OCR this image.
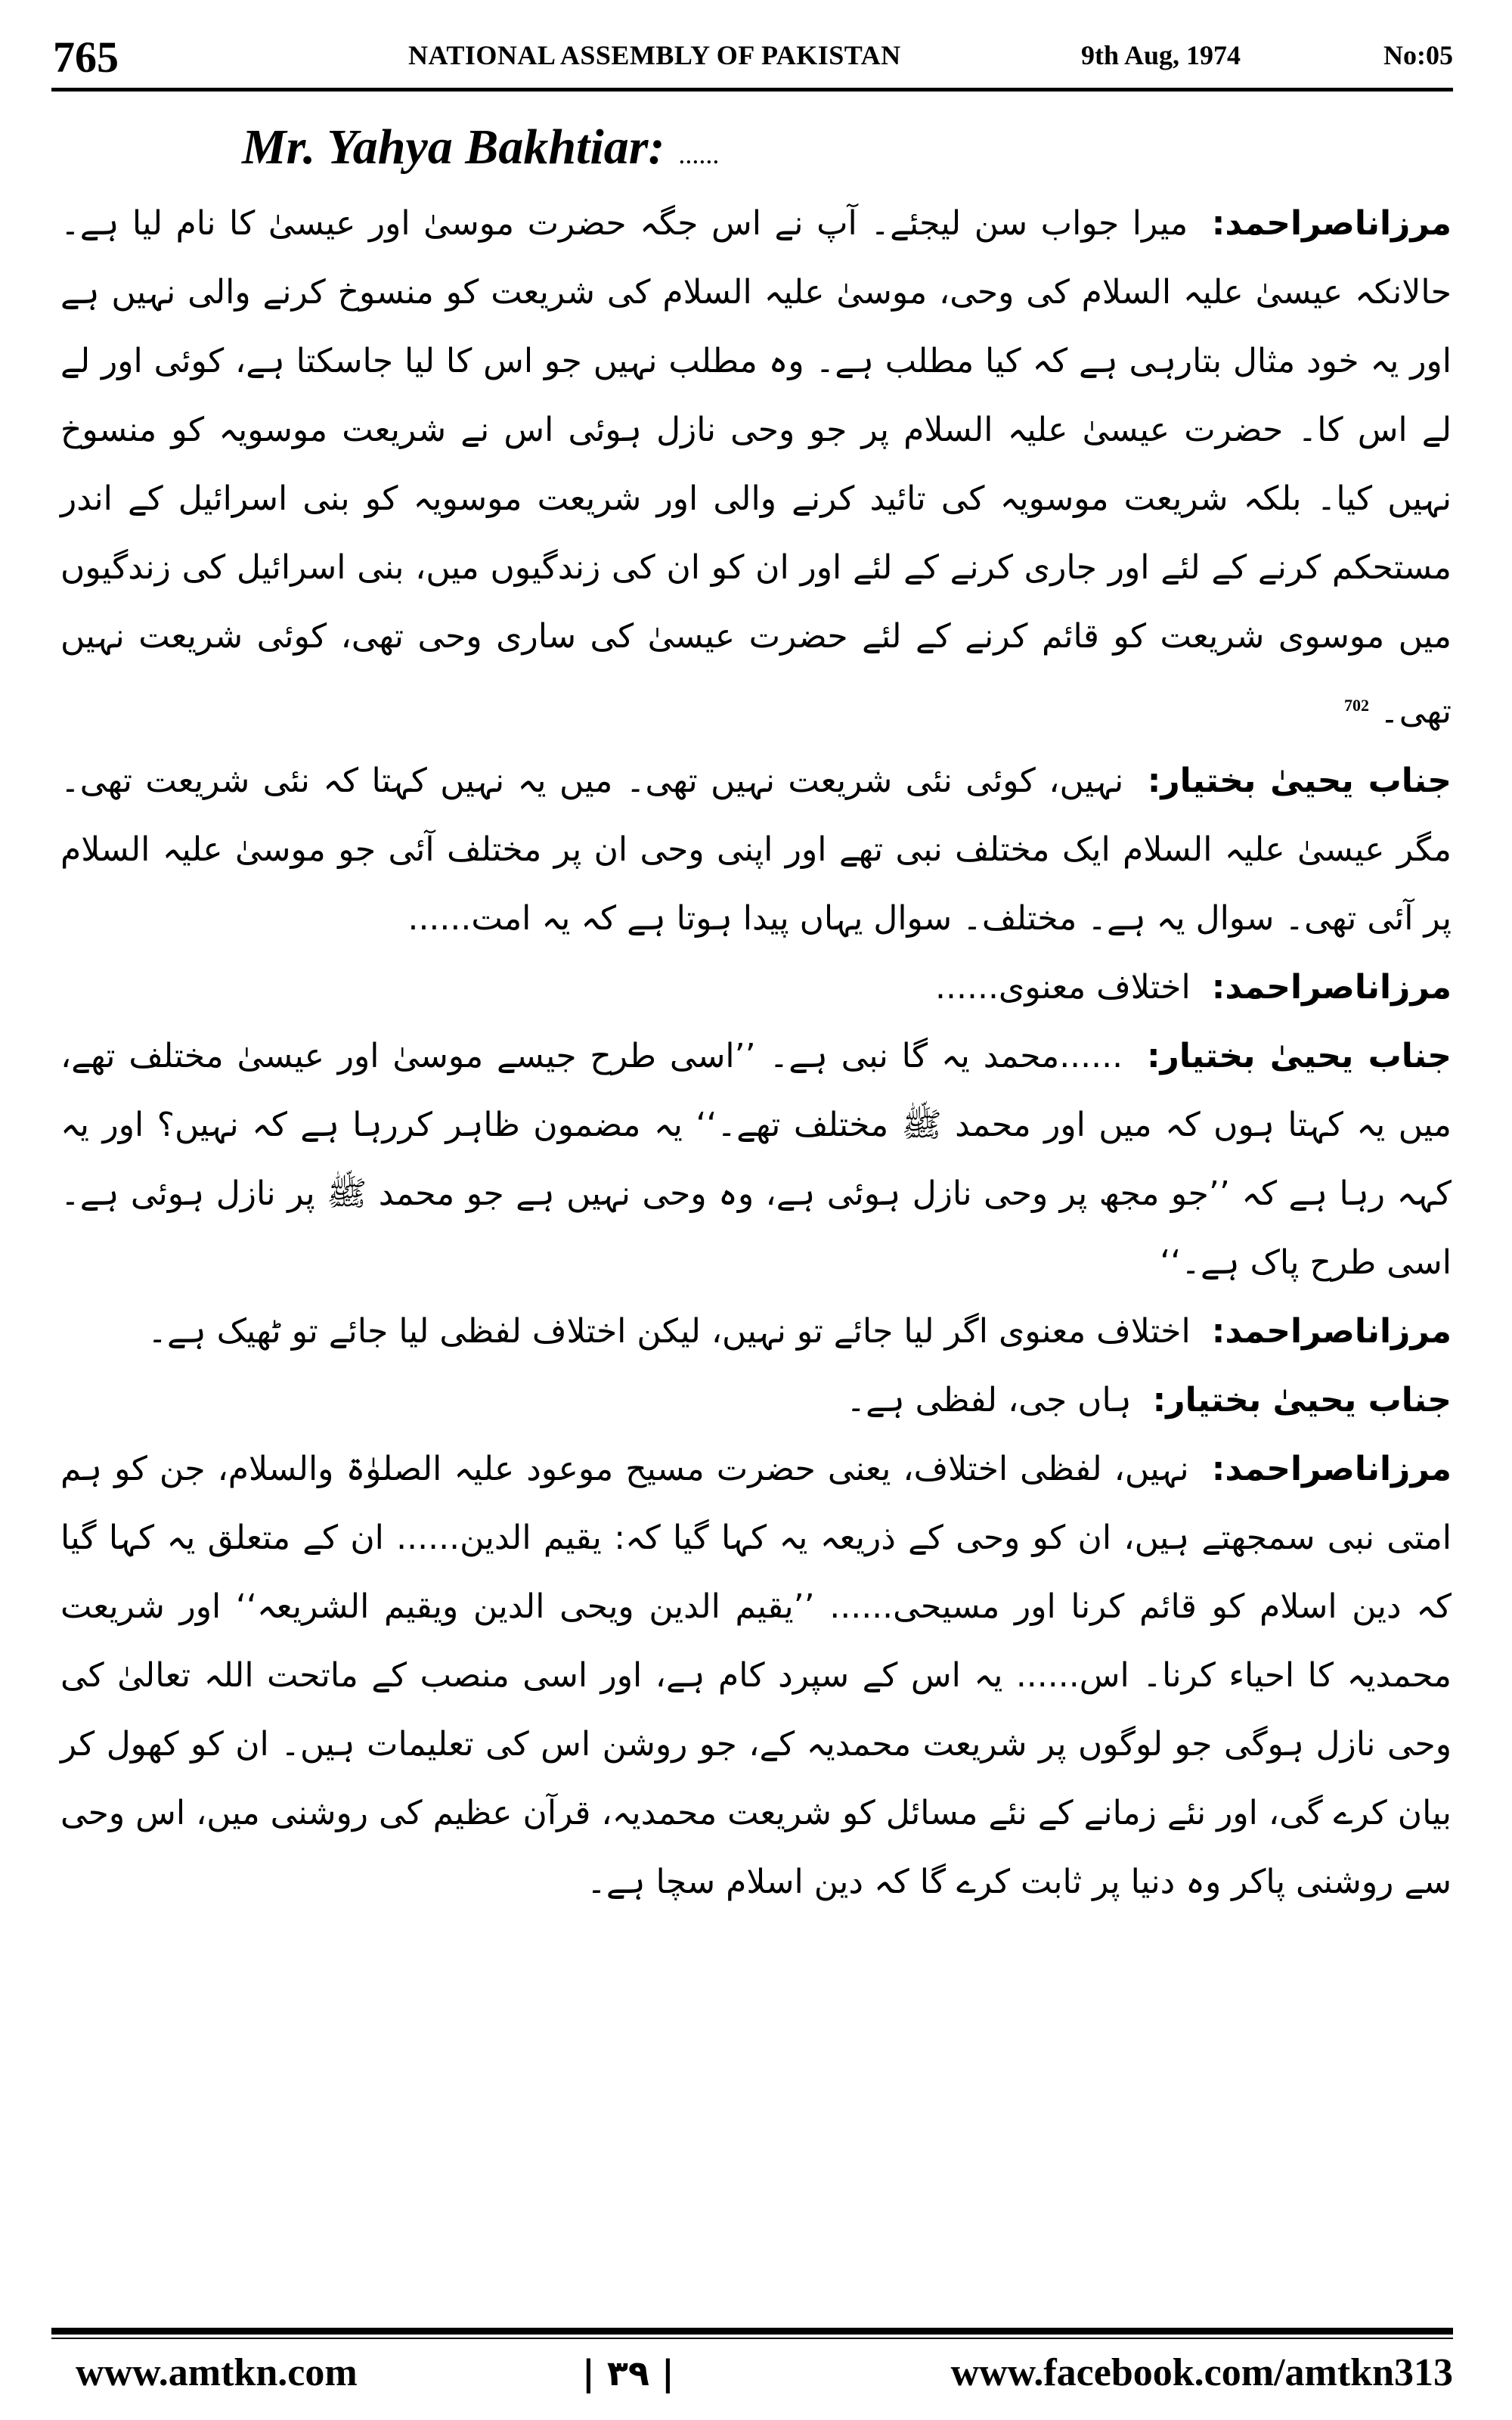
765	NATIONAL ASSEMBLY OF PAKISTAN	9th Aug, 1974	No:05
Mr. Yahya Bakhtiar: ......

مرزاناصراحمد: میرا جواب سن لیجئے۔ آپ نے اس جگہ حضرت موسیٰ اور عیسیٰ کا نام لیا ہے۔ حالانکہ عیسیٰ علیہ السلام کی وحی، موسیٰ علیہ السلام کی شریعت کو منسوخ کرنے والی نہیں ہے اور یہ خود مثال بتارہی ہے کہ کیا مطلب ہے۔ وہ مطلب نہیں جو اس کا لیا جاسکتا ہے، کوئی اور لے لے اس کا۔ حضرت عیسیٰ علیہ السلام پر جو وحی نازل ہوئی اس نے شریعت موسویہ کو منسوخ نہیں کیا۔ بلکہ شریعت موسویہ کی تائید کرنے والی اور شریعت موسویہ کو بنی اسرائیل کے اندر مستحکم کرنے کے لئے اور جاری کرنے کے لئے اور ان کو ان کی زندگیوں میں، بنی اسرائیل کی زندگیوں میں موسوی شریعت کو قائم کرنے کے لئے حضرت عیسیٰ کی ساری وحی تھی، کوئی شریعت نہیں تھی۔ $^{702}$

جناب یحییٰ بختیار: نہیں، کوئی نئی شریعت نہیں تھی۔ میں یہ نہیں کہتا کہ نئی شریعت تھی۔ مگر عیسیٰ علیہ السلام ایک مختلف نبی تھے اور اپنی وحی ان پر مختلف آئی جو موسیٰ علیہ السلام پر آئی تھی۔ سوال یہ ہے۔ مختلف۔ سوال یہاں پیدا ہوتا ہے کہ یہ امت......

مرزاناصراحمد: اختلاف معنوی......

جناب یحییٰ بختیار: ......محمد یہ گا نبی ہے۔ ’’اسی طرح جیسے موسیٰ اور عیسیٰ مختلف تھے، میں یہ کہتا ہوں کہ میں اور محمد ﷺ مختلف تھے۔‘‘ یہ مضمون ظاہر کررہا ہے کہ نہیں؟ اور یہ کہہ رہا ہے کہ ’’جو مجھ پر وحی نازل ہوئی ہے، وہ وحی نہیں ہے جو محمد ﷺ پر نازل ہوئی ہے۔ اسی طرح پاک ہے۔‘‘

مرزاناصراحمد: اختلاف معنوی اگر لیا جائے تو نہیں، لیکن اختلاف لفظی لیا جائے تو ٹھیک ہے۔

جناب یحییٰ بختیار: ہاں جی، لفظی ہے۔

مرزاناصراحمد: نہیں، لفظی اختلاف، یعنی حضرت مسیح موعود علیہ الصلوٰۃ والسلام، جن کو ہم امتی نبی سمجھتے ہیں، ان کو وحی کے ذریعہ یہ کہا گیا کہ: یقیم الدین...... ان کے متعلق یہ کہا گیا کہ دین اسلام کو قائم کرنا اور مسیحی...... ’’یقیم الدین ویحی الدین ویقیم الشریعہ‘‘ اور شریعت محمدیہ کا احیاء کرنا۔ اس...... یہ اس کے سپرد کام ہے، اور اسی منصب کے ماتحت اللہ تعالیٰ کی وحی نازل ہوگی جو لوگوں پر شریعت محمدیہ کے، جو روشن اس کی تعلیمات ہیں۔ ان کو کھول کر بیان کرے گی، اور نئے زمانے کے نئے مسائل کو شریعت محمدیہ، قرآن عظیم کی روشنی میں، اس وحی سے روشنی پاکر وہ دنیا پر ثابت کرے گا کہ دین اسلام سچا ہے۔

www.amtkn.com	| ٣٩ |	www.facebook.com/amtkn313
